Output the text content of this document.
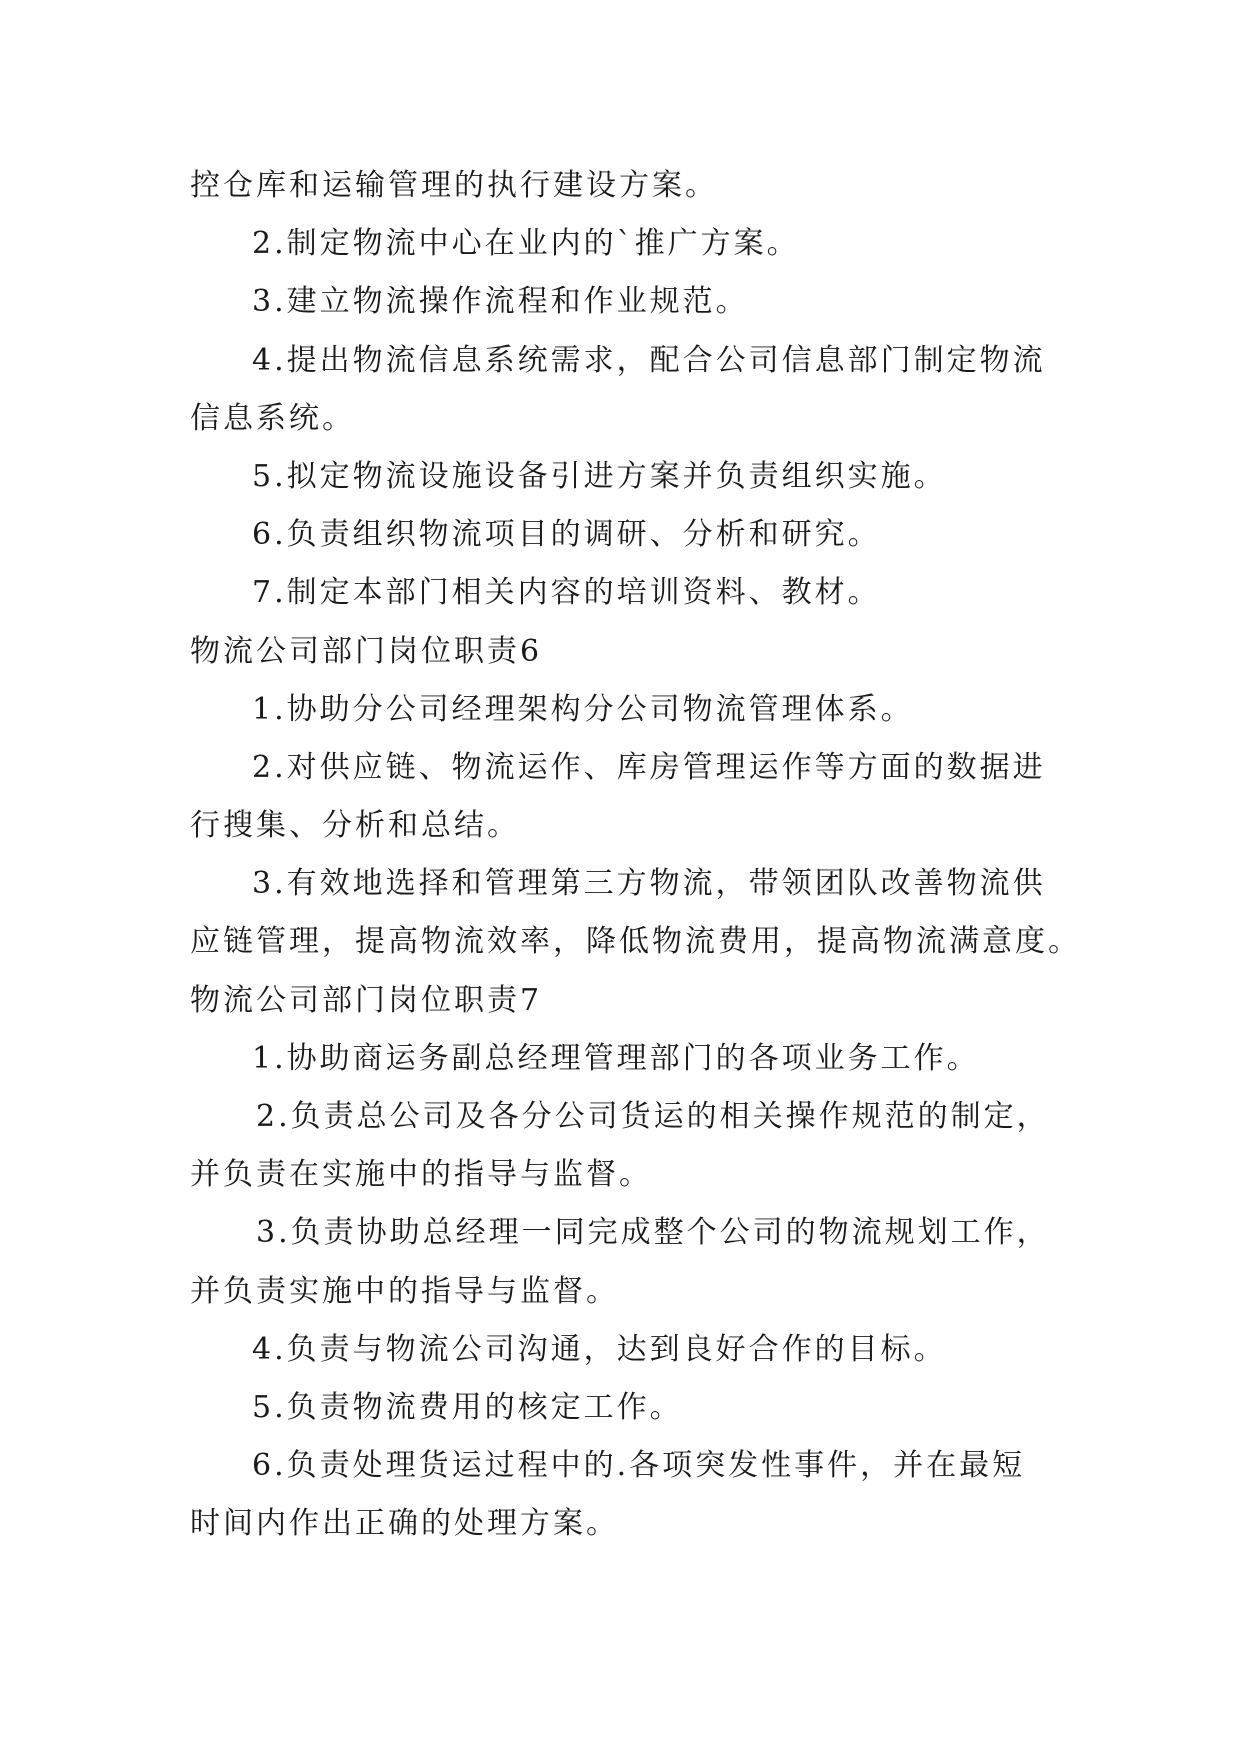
控仓库和运输管理的执行建设方案。
2.制定物流中心在业内的`推广方案。
3.建立物流操作流程和作业规范。
4.提出物流信息系统需求，配合公司信息部门制定物流
信息系统。
5.拟定物流设施设备引进方案并负责组织实施。
6.负责组织物流项目的调研、分析和研究。
7.制定本部门相关内容的培训资料、教材。
物流公司部门岗位职责6
1.协助分公司经理架构分公司物流管理体系。
2.对供应链、物流运作、库房管理运作等方面的数据进
行搜集、分析和总结。
3.有效地选择和管理第三方物流，带领团队改善物流供
应链管理，提高物流效率，降低物流费用，提高物流满意度。
物流公司部门岗位职责7
1.协助商运务副总经理管理部门的各项业务工作。
2.负责总公司及各分公司货运的相关操作规范的制定，
并负责在实施中的指导与监督。
3.负责协助总经理一同完成整个公司的物流规划工作，
并负责实施中的指导与监督。
4.负责与物流公司沟通，达到良好合作的目标。
5.负责物流费用的核定工作。
6.负责处理货运过程中的.各项突发性事件，并在最短
时间内作出正确的处理方案。
